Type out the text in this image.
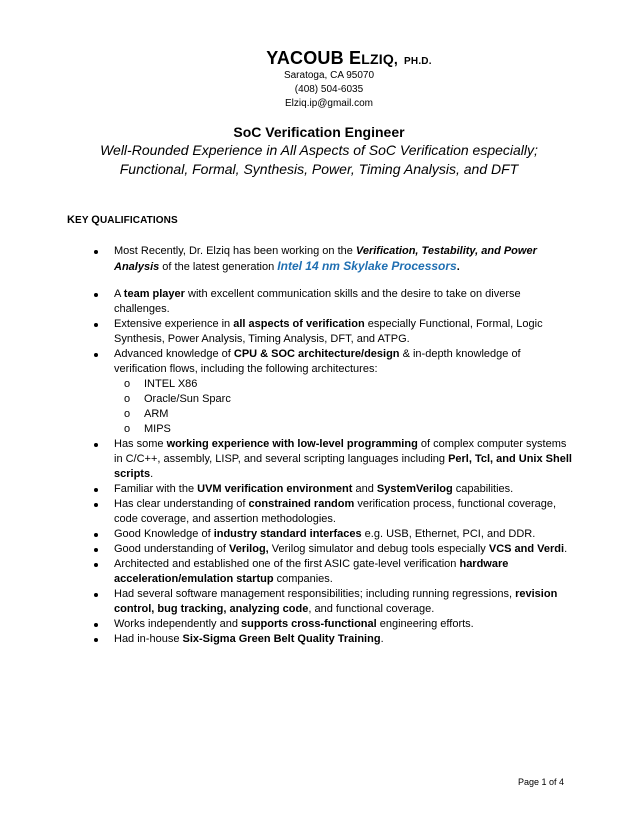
YACOUB ELZIQ, PH.D.
Saratoga, CA 95070
(408) 504-6035
Elziq.ip@gmail.com
SoC Verification Engineer
Well-Rounded Experience in All Aspects of SoC Verification especially;
Functional, Formal, Synthesis, Power, Timing Analysis, and DFT
KEY QUALIFICATIONS
Most Recently, Dr. Elziq has been working on the Verification, Testability, and Power Analysis of the latest generation Intel 14 nm Skylake Processors.
A team player with excellent communication skills and the desire to take on diverse challenges.
Extensive experience in all aspects of verification especially Functional, Formal, Logic Synthesis, Power Analysis, Timing Analysis, DFT, and ATPG.
Advanced knowledge of CPU & SOC architecture/design & in-depth knowledge of verification flows, including the following architectures:
o INTEL X86
o Oracle/Sun Sparc
o ARM
o MIPS
Has some working experience with low-level programming of complex computer systems in C/C++, assembly, LISP, and several scripting languages including Perl, Tcl, and Unix Shell scripts.
Familiar with the UVM verification environment and SystemVerilog capabilities.
Has clear understanding of constrained random verification process, functional coverage, code coverage, and assertion methodologies.
Good Knowledge of industry standard interfaces e.g. USB, Ethernet, PCI, and DDR.
Good understanding of Verilog, Verilog simulator and debug tools especially VCS and Verdi.
Architected and established one of the first ASIC gate-level verification hardware acceleration/emulation startup companies.
Had several software management responsibilities; including running regressions, revision control, bug tracking, analyzing code, and functional coverage.
Works independently and supports cross-functional engineering efforts.
Had in-house Six-Sigma Green Belt Quality Training.
Page 1 of 4
